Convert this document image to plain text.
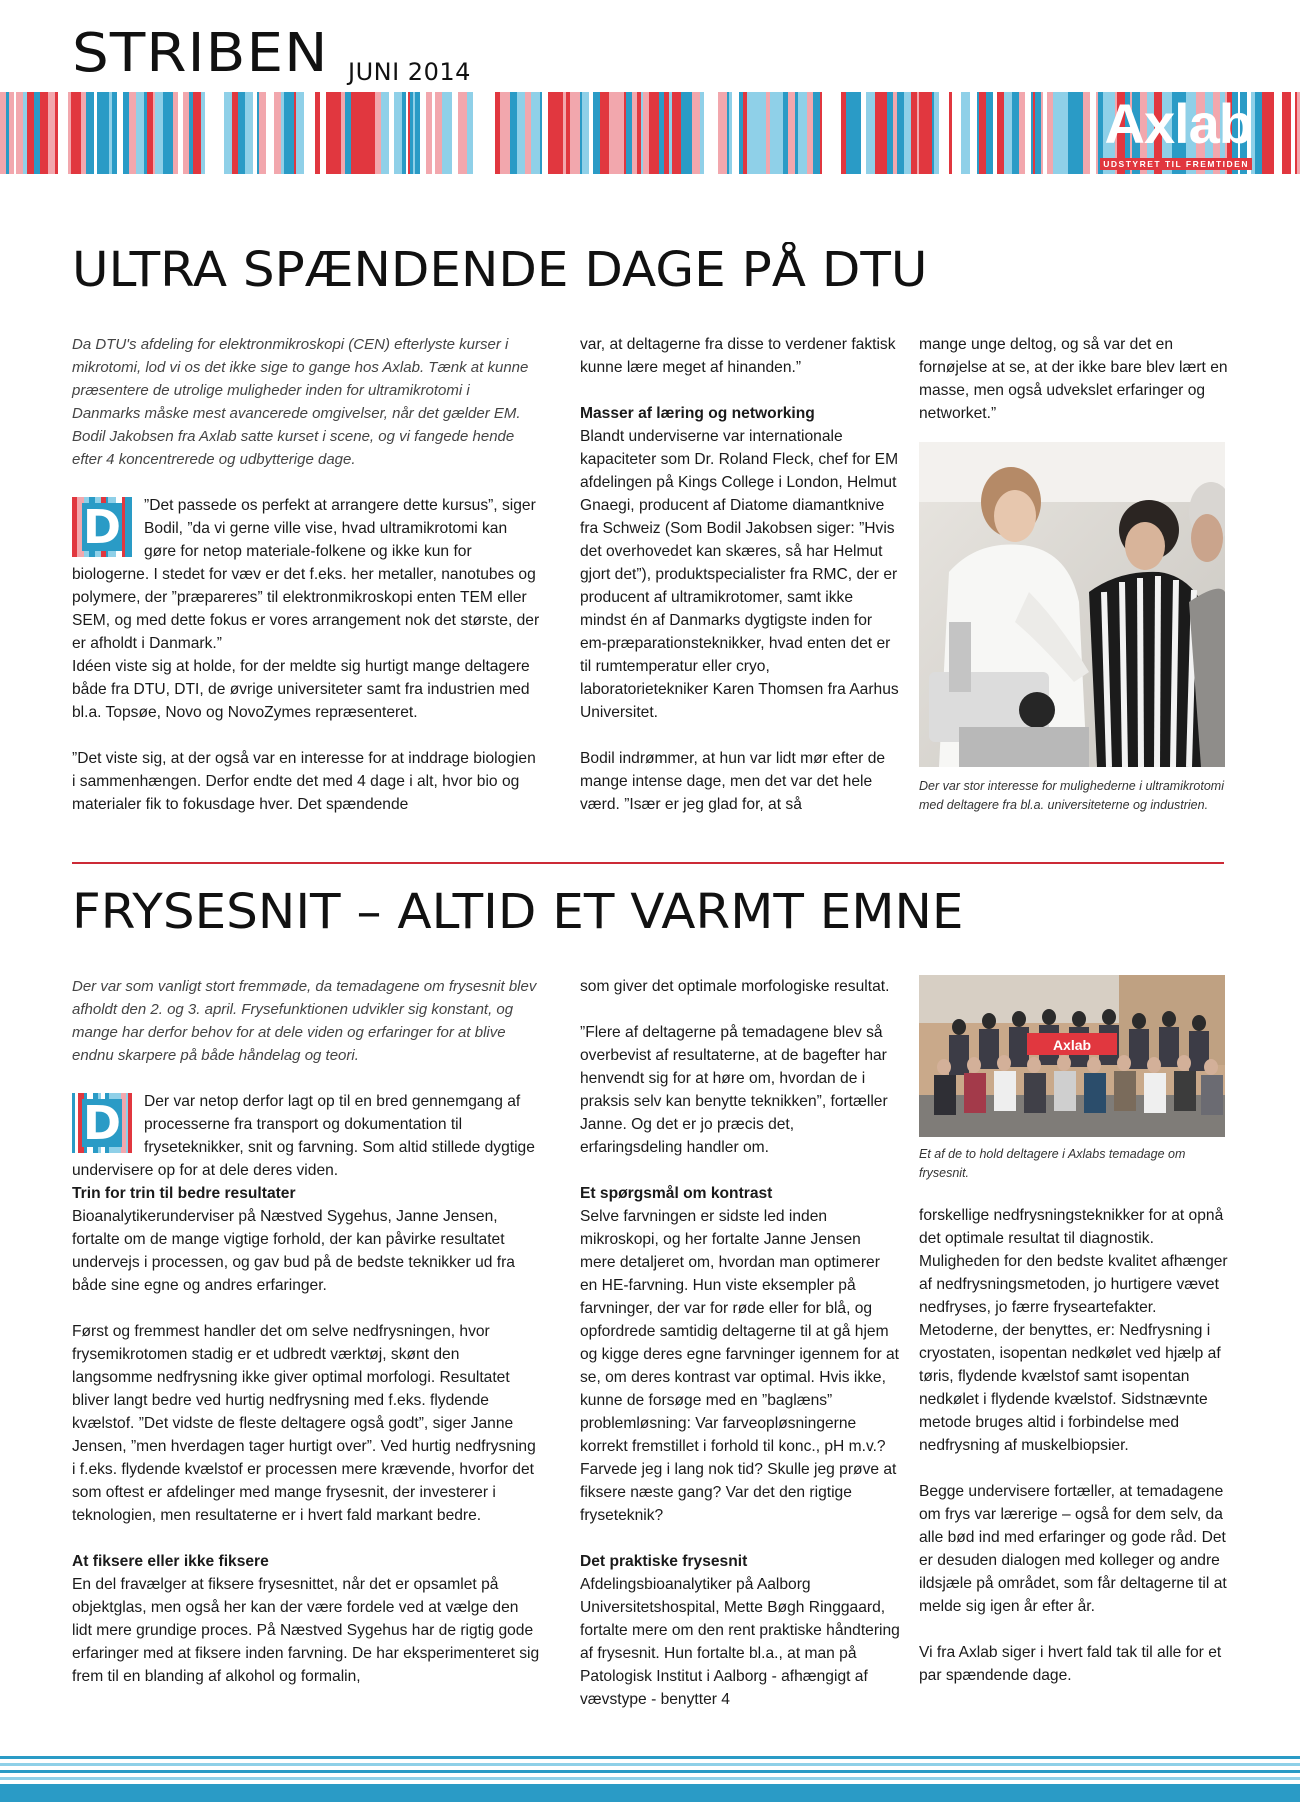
STRIBEN JUNI 2014
Axlab
UDSTYRET TIL FREMTIDEN
ULTRA SPÆNDENDE DAGE PÅ DTU

Da DTU's afdeling for elektronmikroskopi (CEN) efterlyste kurser i mikrotomi, lod vi os det ikke sige to gange hos Axlab. Tænk at kunne præsentere de utrolige muligheder inden for ultramikrotomi i Danmarks måske mest avancerede omgivelser, når det gælder EM. Bodil Jakobsen fra Axlab satte kurset i scene, og vi fangede hende efter 4 koncentrerede og udbytterige dage.

D	”Det passede os perfekt at arrangere dette kursus”, siger Bodil, ”da vi gerne ville vise, hvad ultramikrotomi kan gøre for netop materiale-folkene og ikke kun for biologerne. I stedet for væv er det f.eks. her metaller, nanotubes og polymere, der ”præpareres” til elektronmikroskopi enten TEM eller SEM, og med dette fokus er vores arrangement nok det største, der er afholdt i Danmark.”

Idéen viste sig at holde, for der meldte sig hurtigt mange deltagere både fra DTU, DTI, de øvrige universiteter samt fra industrien med bl.a. Topsøe, Novo og NovoZymes repræsenteret.

”Det viste sig, at der også var en interesse for at inddrage biologien i sammenhængen. Derfor endte det med 4 dage i alt, hvor bio og materialer fik to fokusdage hver. Det spændende

var, at deltagerne fra disse to verdener faktisk kunne lære meget af hinanden.”

Masser af læring og networking
Blandt underviserne var internationale kapaciteter som Dr. Roland Fleck, chef for EM afdelingen på Kings College i London, Helmut Gnaegi, producent af Diatome diamantknive fra Schweiz (Som Bodil Jakobsen siger: ”Hvis det overhovedet kan skæres, så har Helmut gjort det”), produktspecialister fra RMC, der er producent af ultramikrotomer, samt ikke mindst én af Danmarks dygtigste inden for em-præparationsteknikker, hvad enten det er til rumtemperatur eller cryo, laboratorietekniker Karen Thomsen fra Aarhus Universitet.

Bodil indrømmer, at hun var lidt mør efter de mange intense dage, men det var det hele værd. ”Især er jeg glad for, at så

mange unge deltog, og så var det en fornøjelse at se, at der ikke bare blev lært en masse, men også udvekslet erfaringer og networket.”

Der var stor interesse for mulighederne i ultramikrotomi med deltagere fra bl.a. universiteterne og industrien.
FRYSESNIT – ALTID ET VARMT EMNE

Der var som vanligt stort fremmøde, da temadagene om frysesnit blev afholdt den 2. og 3. april. Frysefunktionen udvikler sig konstant, og mange har derfor behov for at dele viden og erfaringer for at blive endnu skarpere på både håndelag og teori.

D	Der var netop derfor lagt op til en bred gennemgang af processerne fra transport og dokumentation til fryseteknikker, snit og farvning. Som altid stillede dygtige undervisere op for at dele deres viden.

Trin for trin til bedre resultater
Bioanalytikerunderviser på Næstved Sygehus, Janne Jensen, fortalte om de mange vigtige forhold, der kan påvirke resultatet undervejs i processen, og gav bud på de bedste teknikker ud fra både sine egne og andres erfaringer.

Først og fremmest handler det om selve nedfrysningen, hvor frysemikrotomen stadig er et udbredt værktøj, skønt den langsomme nedfrysning ikke giver optimal morfologi. Resultatet bliver langt bedre ved hurtig nedfrysning med f.eks. flydende kvælstof. ”Det vidste de fleste deltagere også godt”, siger Janne Jensen, ”men hverdagen tager hurtigt over”. Ved hurtig nedfrysning i f.eks. flydende kvælstof er processen mere krævende, hvorfor det som oftest er afdelinger med mange frysesnit, der investerer i teknologien, men resultaterne er i hvert fald markant bedre.

At fiksere eller ikke fiksere
En del fravælger at fiksere frysesnittet, når det er opsamlet på objektglas, men også her kan der være fordele ved at vælge den lidt mere grundige proces. På Næstved Sygehus har de rigtig gode erfaringer med at fiksere inden farvning. De har eksperimenteret sig frem til en blanding af alkohol og formalin,

som giver det optimale morfologiske resultat.

”Flere af deltagerne på temadagene blev så overbevist af resultaterne, at de bagefter har henvendt sig for at høre om, hvordan de i praksis selv kan benytte teknikken”, fortæller Janne. Og det er jo præcis det, erfaringsdeling handler om.

Et spørgsmål om kontrast
Selve farvningen er sidste led inden mikroskopi, og her fortalte Janne Jensen mere detaljeret om, hvordan man optimerer en HE-farvning. Hun viste eksempler på farvninger, der var for røde eller for blå, og opfordrede samtidig deltagerne til at gå hjem og kigge deres egne farvninger igennem for at se, om deres kontrast var optimal. Hvis ikke, kunne de forsøge med en ”baglæns” problemløsning: Var farveopløsningerne korrekt fremstillet i forhold til konc., pH m.v.? Farvede jeg i lang nok tid? Skulle jeg prøve at fiksere næste gang? Var det den rigtige fryseteknik?

Det praktiske frysesnit
Afdelingsbioanalytiker på Aalborg Universitetshospital, Mette Bøgh Ringgaard, fortalte mere om den rent praktiske håndtering af frysesnit. Hun fortalte bl.a., at man på Patologisk Institut i Aalborg - afhængigt af vævstype - benytter 4

Axlab
Et af de to hold deltagere i Axlabs temadage om frysesnit.

forskellige nedfrysningsteknikker for at opnå det optimale resultat til diagnostik. Muligheden for den bedste kvalitet afhænger af nedfrysningsmetoden, jo hurtigere vævet nedfryses, jo færre fryseartefakter. Metoderne, der benyttes, er: Nedfrysning i cryostaten, isopentan nedkølet ved hjælp af tøris, flydende kvælstof samt isopentan nedkølet i flydende kvælstof. Sidstnævnte metode bruges altid i forbindelse med nedfrysning af muskelbiopsier.

Begge undervisere fortæller, at temadagene om frys var lærerige – også for dem selv, da alle bød ind med erfaringer og gode råd. Det er desuden dialogen med kolleger og andre ildsjæle på området, som får deltagerne til at melde sig igen år efter år.

Vi fra Axlab siger i hvert fald tak til alle for et par spændende dage.
